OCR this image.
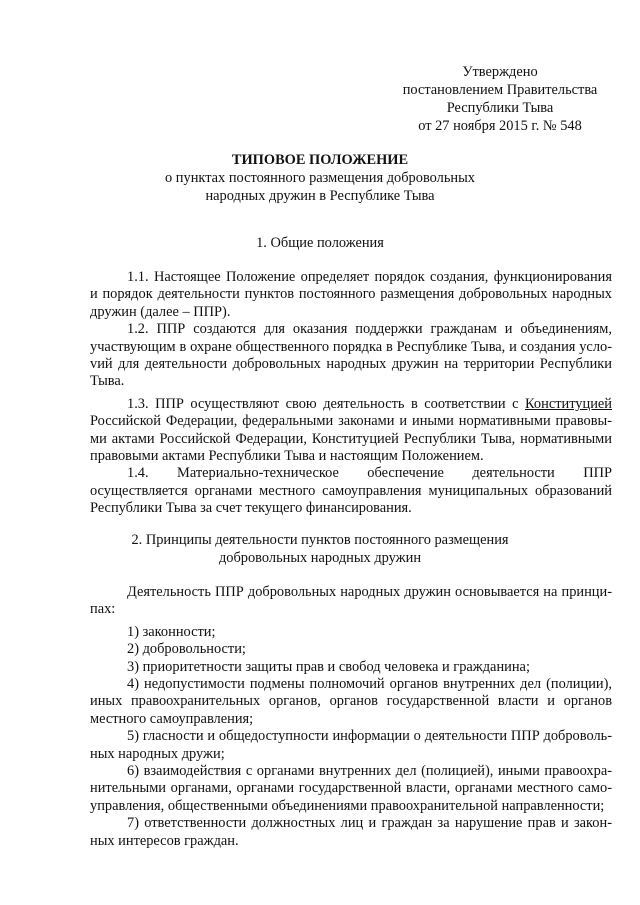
Утверждено
постановлением Правительства
Республики Тыва
от 27 ноября 2015 г. № 548
ТИПОВОЕ ПОЛОЖЕНИЕ
о пунктах постоянного размещения добровольных
народных дружин в Республике Тыва
1. Общие положения

1.1. Настоящее Положение определяет порядок создания, функционирования и порядок деятельности пунктов постоянного размещения добровольных народных дружин (далее – ППР).

1.2. ППР создаются для оказания поддержки гражданам и объединениям, участвующим в охране общественного порядка в Республике Тыва, и создания услоvий для деятельности добровольных народных дружин на территории Республики Тыва.

1.3. ППР осуществляют свою деятельность в соответствии с Конституцией Российской Федерации, федеральными законами и иными нормативными правовыми актами Российской Федерации, Конституцией Республики Тыва, нормативными правовыми актами Республики Тыва и настоящим Положением.

1.4. Материально-техническое обеспечение деятельности ППР осуществляется органами местного самоуправления муниципальных образований Республики Тыва за счет текущего финансирования.

2. Принципы деятельности пунктов постоянного размещения
добровольных народных дружин

Деятельность ППР добровольных народных дружин основывается на принципах:

1) законности;

2) добровольности;

3) приоритетности защиты прав и свобод человека и гражданина;

4) недопустимости подмены полномочий органов внутренних дел (полиции), иных правоохранительных органов, органов государственной власти и органов местного самоуправления;

5) гласности и общедоступности информации о деятельности ППР добровольных народных дружи;

6) взаимодействия с органами внутренних дел (полицией), иными правоохранительными органами, органами государственной власти, органами местного самоуправления, общественными объединениями правоохранительной направленности;

7) ответственности должностных лиц и граждан за нарушение прав и законных интересов граждан.
